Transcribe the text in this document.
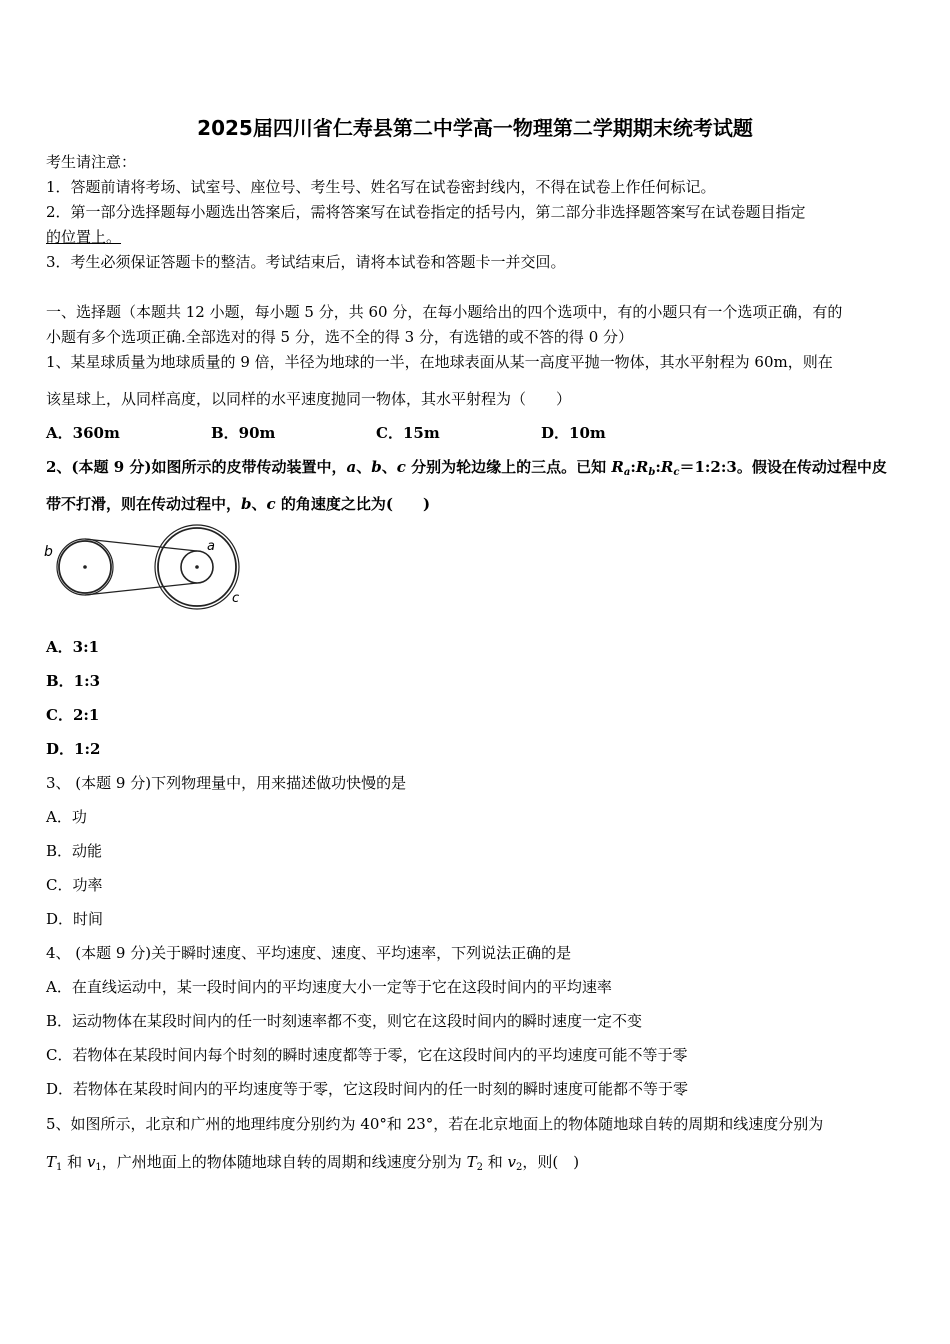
2025届四川省仁寿县第二中学高一物理第二学期期末统考试题
考生请注意：
1．答题前请将考场、试室号、座位号、考生号、姓名写在试卷密封线内，不得在试卷上作任何标记。
2．第一部分选择题每小题选出答案后，需将答案写在试卷指定的括号内，第二部分非选择题答案写在试卷题目指定
的位置上。
3．考生必须保证答题卡的整洁。考试结束后，请将本试卷和答题卡一并交回。
一、选择题（本题共 12 小题，每小题 5 分，共 60 分，在每小题给出的四个选项中，有的小题只有一个选项正确，有的
小题有多个选项正确.全部选对的得 5 分，选不全的得 3 分，有选错的或不答的得 0 分）
1、某星球质量为地球质量的 9 倍，半径为地球的一半，在地球表面从某一高度平抛一物体，其水平射程为 60m，则在
该星球上，从同样高度，以同样的水平速度抛同一物体，其水平射程为（　　）
A．360m	B．90m	C．15m	D．10m
2、(本题 9 分)如图所示的皮带传动装置中，a、b、c 分别为轮边缘上的三点。已知 $R_a:R_b:R_c=1:2:3$。假设在传动过程中皮
带不打滑，则在传动过程中，b、c 的角速度之比为(　　)
b	a
c
A．3:1
B．1:3
C．2:1
D．1:2
3、 (本题 9 分)下列物理量中，用来描述做功快慢的是
A．功
B．动能
C．功率
D．时间
4、 (本题 9 分)关于瞬时速度、平均速度、速度、平均速率，下列说法正确的是
A．在直线运动中，某一段时间内的平均速度大小一定等于它在这段时间内的平均速率
B．运动物体在某段时间内的任一时刻速率都不变，则它在这段时间内的瞬时速度一定不变
C．若物体在某段时间内每个时刻的瞬时速度都等于零，它在这段时间内的平均速度可能不等于零
D．若物体在某段时间内的平均速度等于零，它这段时间内的任一时刻的瞬时速度可能都不等于零
5、如图所示，北京和广州的地理纬度分别约为 40°和 23°，若在北京地面上的物体随地球自转的周期和线速度分别为
$T_1$ 和 $v_1$，广州地面上的物体随地球自转的周期和线速度分别为 $T_2$ 和 $v_2$，则(　)
